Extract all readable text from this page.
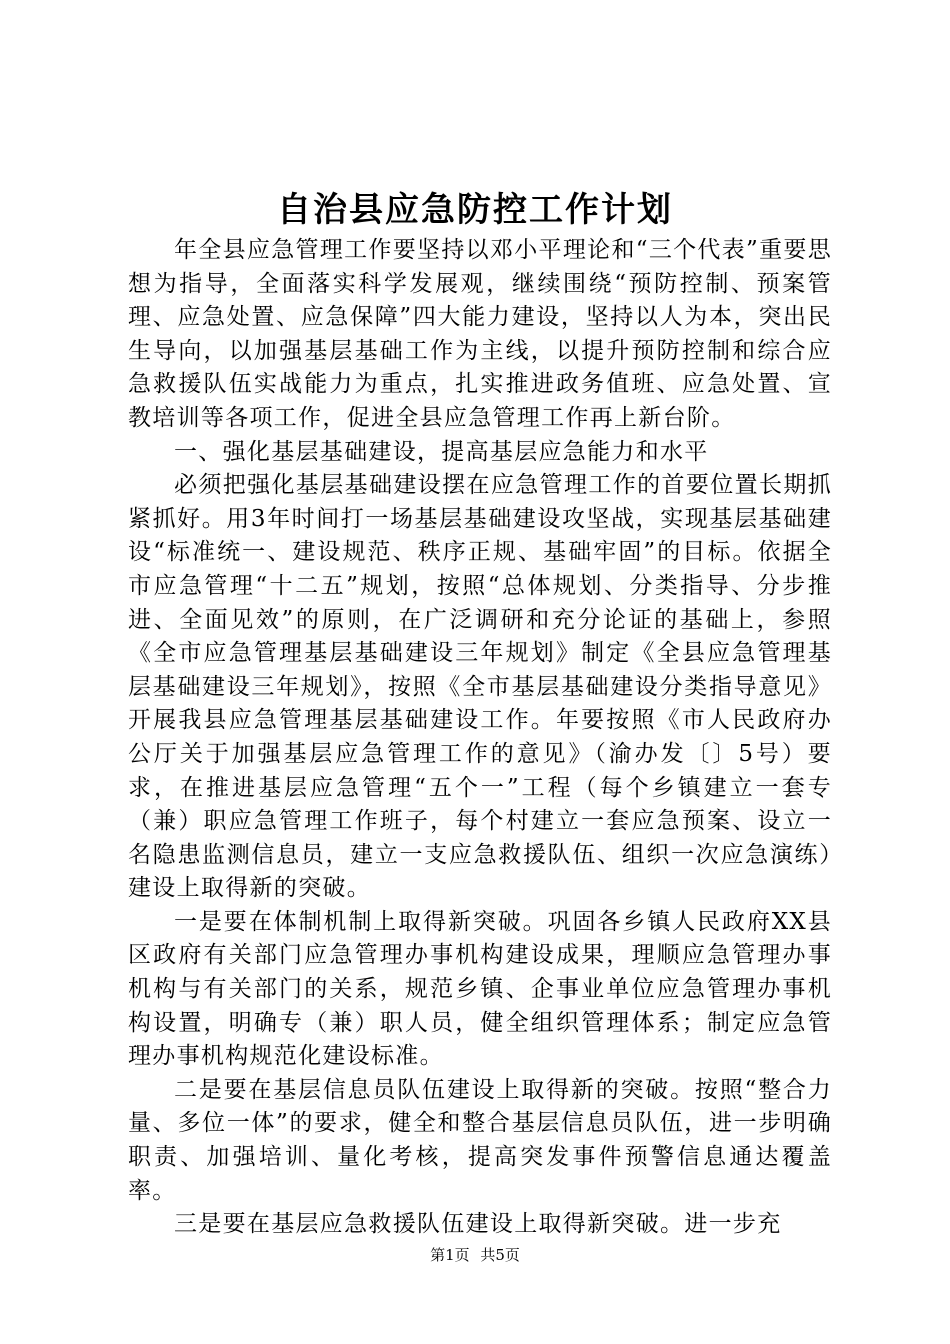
自治县应急防控工作计划

年全县应急管理工作要坚持以邓小平理论和“三个代表”重要思想为指导，全面落实科学发展观，继续围绕“预防控制、预案管理、应急处置、应急保障”四大能力建设，坚持以人为本，突出民生导向，以加强基层基础工作为主线，以提升预防控制和综合应急救援队伍实战能力为重点，扎实推进政务值班、应急处置、宣教培训等各项工作，促进全县应急管理工作再上新台阶。

一、强化基层基础建设，提高基层应急能力和水平

必须把强化基层基础建设摆在应急管理工作的首要位置长期抓紧抓好。用3年时间打一场基层基础建设攻坚战，实现基层基础建设“标准统一、建设规范、秩序正规、基础牢固”的目标。依据全市应急管理“十二五”规划，按照“总体规划、分类指导、分步推进、全面见效”的原则，在广泛调研和充分论证的基础上，参照《全市应急管理基层基础建设三年规划》制定《全县应急管理基层基础建设三年规划》，按照《全市基层基础建设分类指导意见》开展我县应急管理基层基础建设工作。年要按照《市人民政府办公厅关于加强基层应急管理工作的意见》（渝办发〔〕5号）要求，在推进基层应急管理“五个一”工程（每个乡镇建立一套专（兼）职应急管理工作班子，每个村建立一套应急预案、设立一名隐患监测信息员，建立一支应急救援队伍、组织一次应急演练）建设上取得新的突破。

一是要在体制机制上取得新突破。巩固各乡镇人民政府XX县区政府有关部门应急管理办事机构建设成果，理顺应急管理办事机构与有关部门的关系，规范乡镇、企事业单位应急管理办事机构设置，明确专（兼）职人员，健全组织管理体系；制定应急管理办事机构规范化建设标准。

二是要在基层信息员队伍建设上取得新的突破。按照“整合力量、多位一体”的要求，健全和整合基层信息员队伍，进一步明确职责、加强培训、量化考核，提高突发事件预警信息通达覆盖率。

三是要在基层应急救援队伍建设上取得新突破。进一步充

第1页 共5页
